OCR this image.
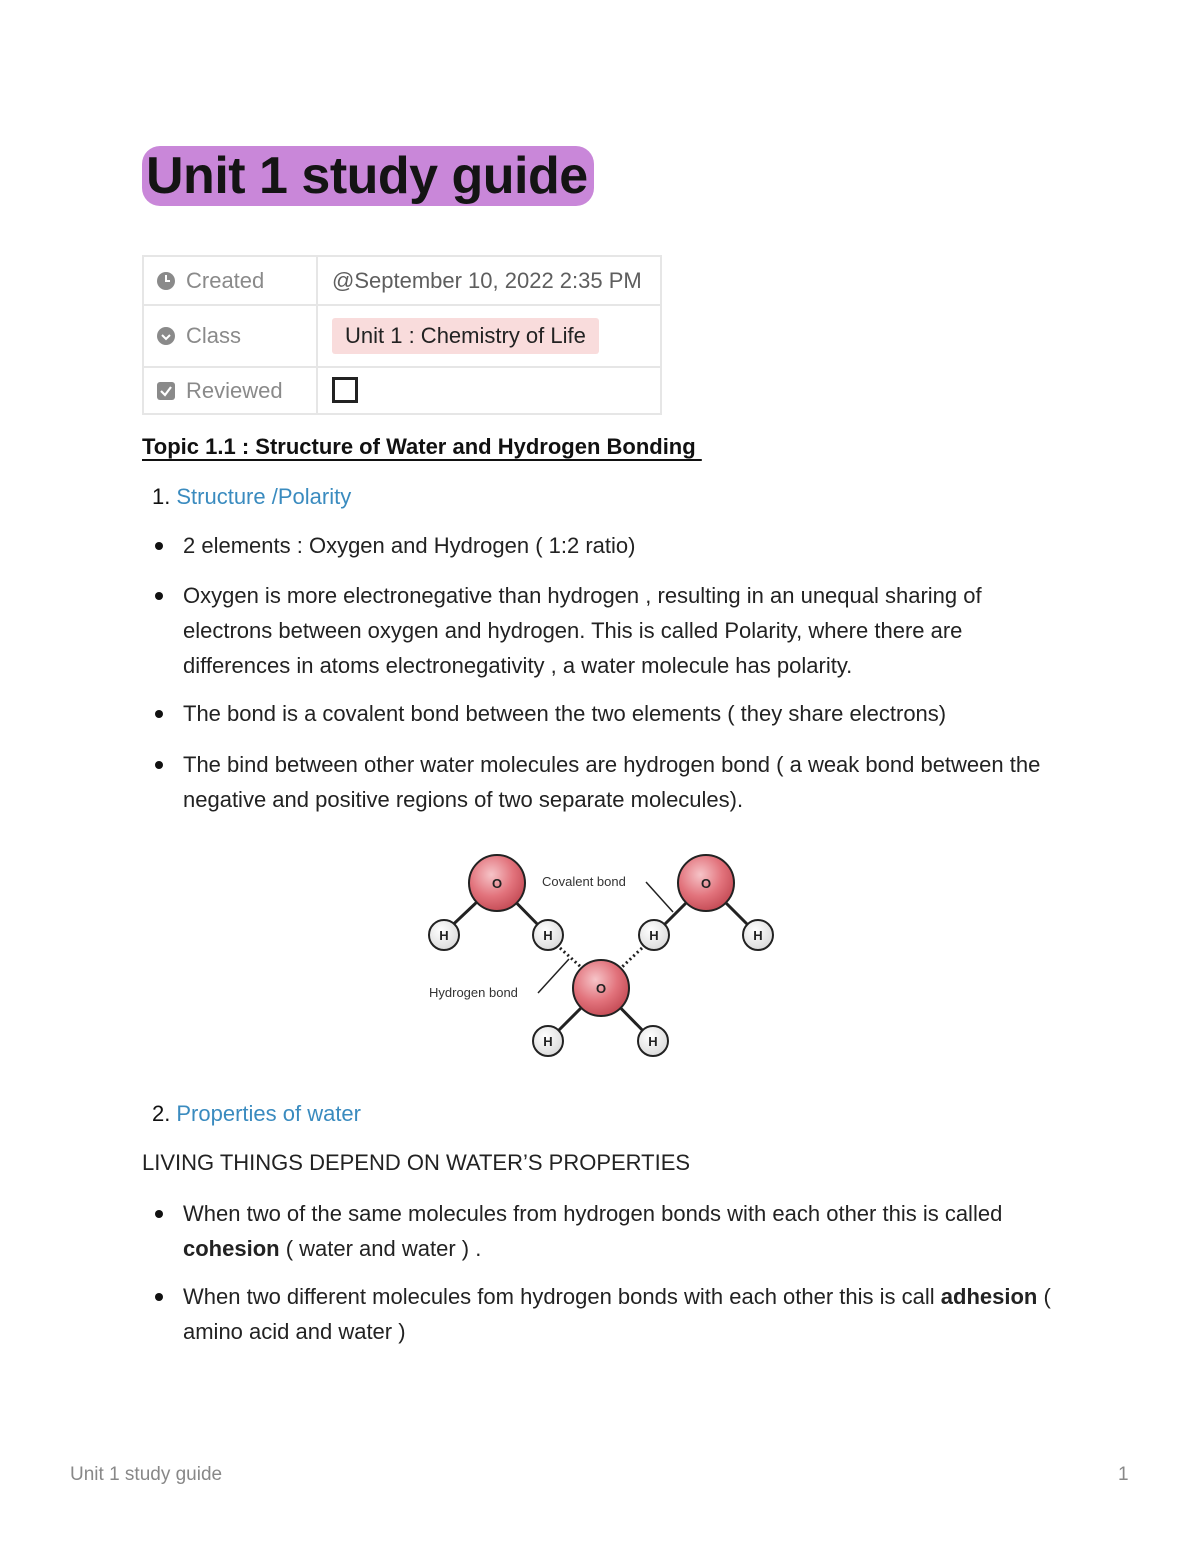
Unit 1 study guide
Created	@September 10, 2022 2:35 PM
Class	Unit 1 : Chemistry of Life
Reviewed	
Topic 1.1 : Structure of Water and Hydrogen Bonding
1. Structure /Polarity
2 elements : Oxygen and Hydrogen ( 1:2 ratio)
Oxygen is more electronegative than hydrogen , resulting in an unequal sharing of electrons between oxygen and hydrogen. This is called Polarity, where there are differences in atoms electronegativity , a water molecule has polarity.
The bond is a covalent bond between the two elements ( they share electrons)
The bind between other water molecules are hydrogen bond ( a weak bond between the negative and positive regions of two separate molecules).
O	O
O
H	H	H	H
H	H
Covalent bond
Hydrogen bond
2. Properties of water

LIVING THINGS DEPEND ON WATER’S PROPERTIES

When two of the same molecules from hydrogen bonds with each other this is called cohesion ( water and water ) .
When two different molecules fom hydrogen bonds with each other this is call adhesion ( amino acid and water )
Unit 1 study guide	1
